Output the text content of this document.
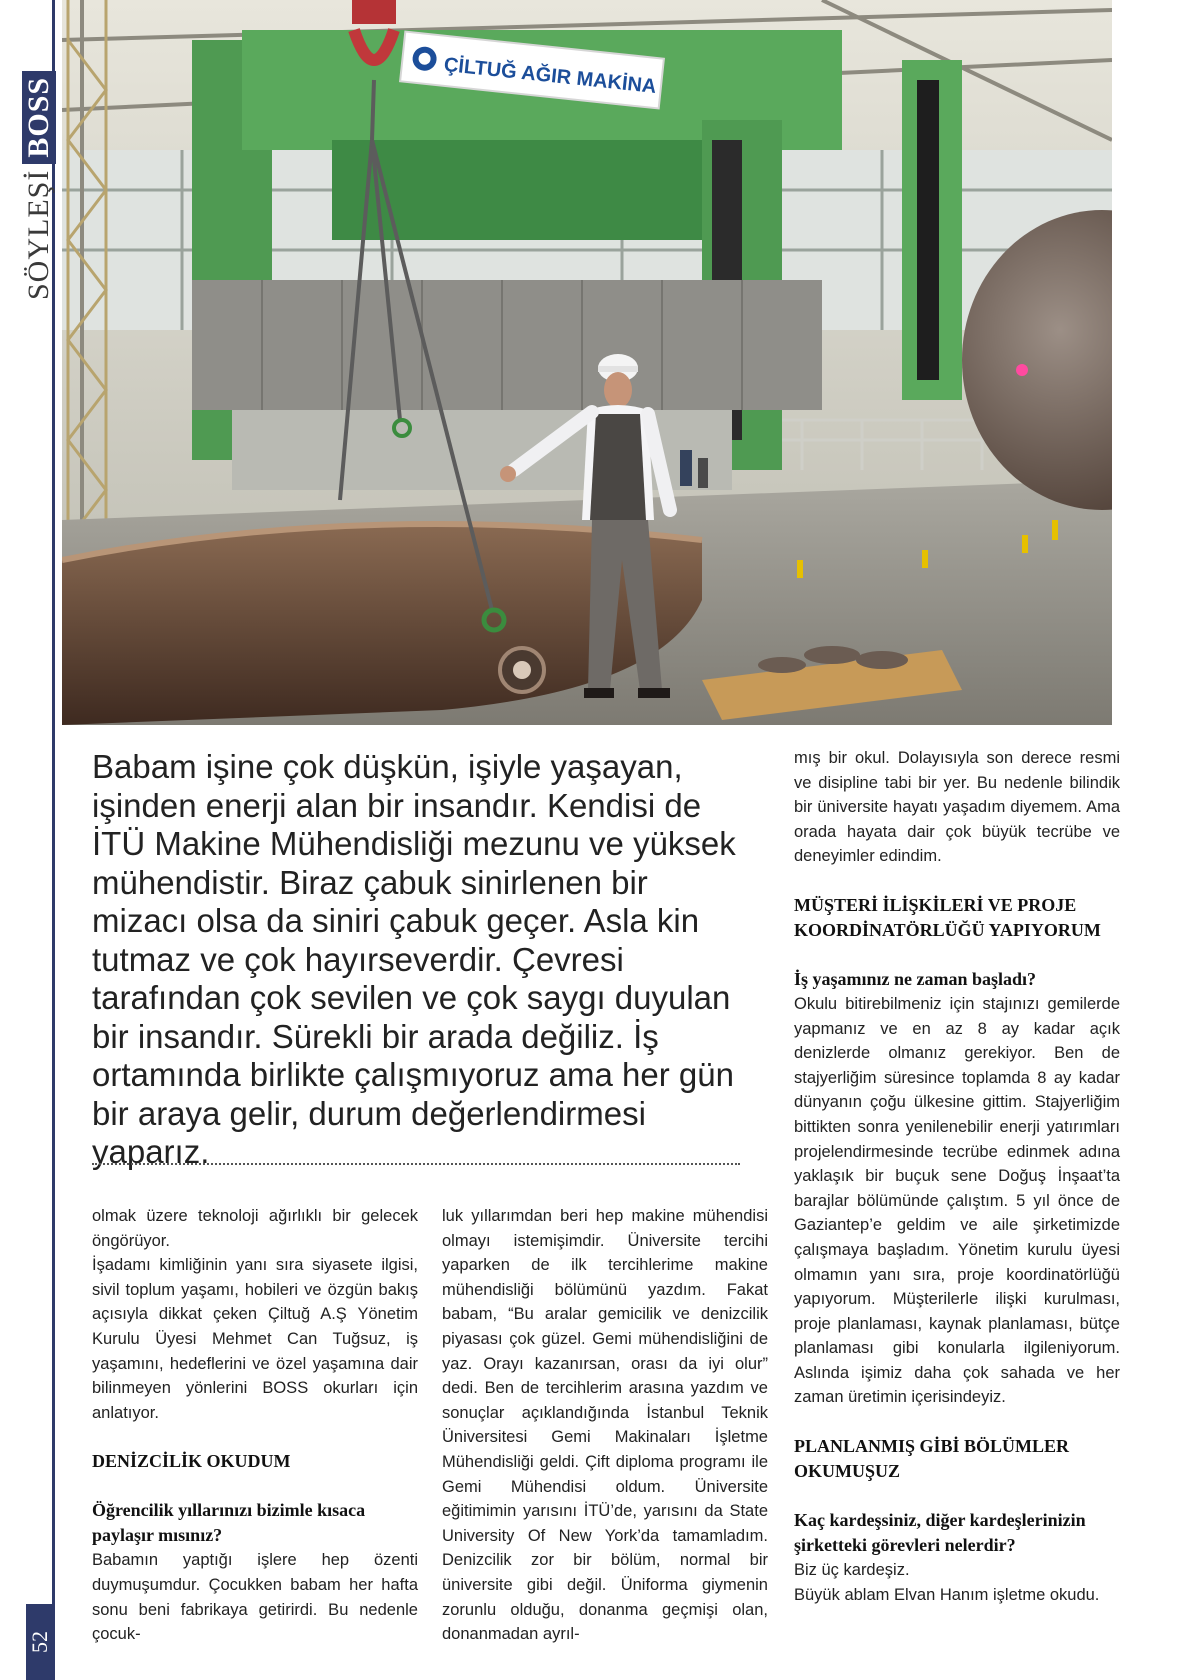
SÖYLEŞİ
BOSS
52
ÇİLTUĞ AĞIR MAKİNA

Babam işine çok düşkün, işiyle yaşayan, işinden enerji alan bir insandır. Kendisi de İTÜ Makine Mühendisliği mezunu ve yüksek mühendistir. Biraz çabuk sinirlenen bir mizacı olsa da siniri çabuk geçer. Asla kin tutmaz ve çok hayırseverdir. Çevresi tarafından çok sevilen ve çok saygı duyulan bir insandır. Sürekli bir arada değiliz. İş ortamında birlikte çalışmıyoruz ama her gün bir araya gelir, durum değerlendirmesi yaparız.

olmak üzere teknoloji ağırlıklı bir gelecek öngörüyor.

İşadamı kimliğinin yanı sıra siyasete ilgisi, sivil toplum yaşamı, hobileri ve özgün bakış açısıyla dikkat çeken Çiltuğ A.Ş Yönetim Kurulu Üyesi Mehmet Can Tuğsuz, iş yaşamını, hedeflerini ve özel yaşamına dair bilinmeyen yönlerini BOSS okurları için anlatıyor.

DENİZCİLİK OKUDUM

Öğrencilik yıllarınızı bizimle kısaca paylaşır mısınız?

Babamın yaptığı işlere hep özenti duymuşumdur. Çocukken babam her hafta sonu beni fabrikaya getirirdi. Bu nedenle çocuk-

luk yıllarımdan beri hep makine mühendisi olmayı istemişimdir. Üniversite tercihi yaparken de ilk tercihlerime makine mühendisliği bölümünü yazdım. Fakat babam, “Bu aralar gemicilik ve denizcilik piyasası çok güzel. Gemi mühendisliğini de yaz. Orayı kazanırsan, orası da iyi olur” dedi. Ben de tercihlerim arasına yazdım ve sonuçlar açıklandığında İstanbul Teknik Üniversitesi Gemi Makinaları İşletme Mühendisliği geldi. Çift diploma programı ile Gemi Mühendisi oldum. Üniversite eğitimimin yarısını İTÜ’de, yarısını da State University Of New York’da tamamladım. Denizcilik zor bir bölüm, normal bir üniversite gibi değil. Üniforma giymenin zorunlu olduğu, donanma geçmişi olan, donanmadan ayrıl-

mış bir okul. Dolayısıyla son derece resmi ve disipline tabi bir yer. Bu nedenle bilindik bir üniversite hayatı yaşadım diyemem. Ama orada hayata dair çok büyük tecrübe ve deneyimler edindim.

MÜŞTERİ İLİŞKİLERİ VE PROJE KOORDİNATÖRLÜĞÜ YAPIYORUM

İş yaşamınız ne zaman başladı?

Okulu bitirebilmeniz için stajınızı gemilerde yapmanız ve en az 8 ay kadar açık denizlerde olmanız gerekiyor. Ben de stajyerliğim süresince toplamda 8 ay kadar dünyanın çoğu ülkesine gittim. Stajyerliğim bittikten sonra yenilenebilir enerji yatırımları projelendirmesinde tecrübe edinmek adına yaklaşık bir buçuk sene Doğuş İnşaat’ta barajlar bölümünde çalıştım. 5 yıl önce de Gaziantep’e geldim ve aile şirketimizde çalışmaya başladım. Yönetim kurulu üyesi olmamın yanı sıra, proje koordinatörlüğü yapıyorum. Müşterilerle ilişki kurulması, proje planlaması, kaynak planlaması, bütçe planlaması gibi konularla ilgileniyorum. Aslında işimiz daha çok sahada ve her zaman üretimin içerisindeyiz.

PLANLANMIŞ GİBİ BÖLÜMLER OKUMUŞUZ

Kaç kardeşsiniz, diğer kardeşlerinizin şirketteki görevleri nelerdir?

Biz üç kardeşiz.

Büyük ablam Elvan Hanım işletme okudu.
